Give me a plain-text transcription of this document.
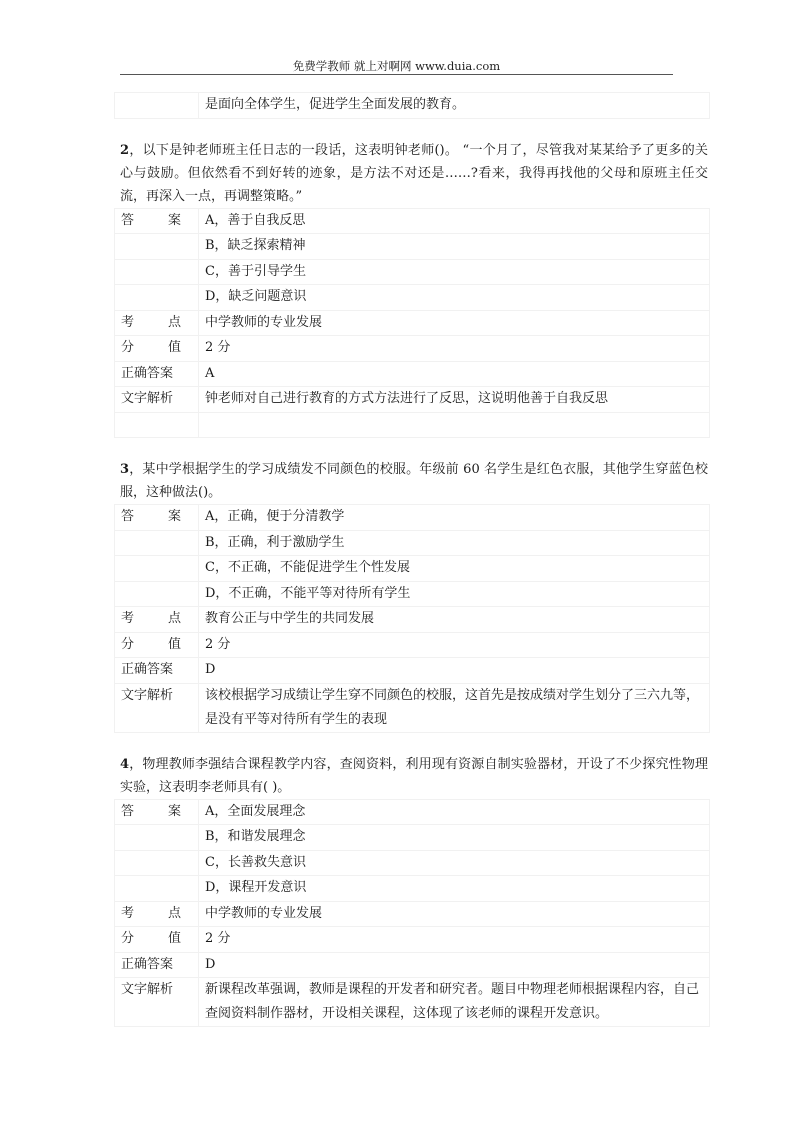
免费学教师 就上对啊网 www.duia.com
	是面向全体学生，促进学生全面发展的教育。

2，以下是钟老师班主任日志的一段话，这表明钟老师()。 “一个月了，尽管我对某某给予了更多的关心与鼓励。但依然看不到好转的迹象，是方法不对还是……?看来，我得再找他的父母和原班主任交流，再深入一点，再调整策略。”

答 案	A，善于自我反思
	B，缺乏探索精神
	C，善于引导学生
	D，缺乏问题意识

考 点	中学教师的专业发展

分 值	2 分
正确答案	A
文字解析	钟老师对自己进行教育的方式方法进行了反思，这说明他善于自我反思

3，某中学根据学生的学习成绩发不同颜色的校服。年级前 60 名学生是红色衣服，其他学生穿蓝色校服，这种做法()。

答 案	A，正确，便于分清教学
	B，正确，利于激励学生
	C，不正确，不能促进学生个性发展
	D，不正确，不能平等对待所有学生

考 点	教育公正与中学生的共同发展

分 值	2 分
正确答案	D
文字解析	该校根据学习成绩让学生穿不同颜色的校服，这首先是按成绩对学生划分了三六九等，是没有平等对待所有学生的表现

4，物理教师李强结合课程教学内容，查阅资料，利用现有资源自制实验器材，开设了不少探究性物理实验，这表明李老师具有( )。

答 案	A，全面发展理念
	B，和谐发展理念
	C，长善救失意识
	D，课程开发意识

考 点	中学教师的专业发展

分 值	2 分
正确答案	D
文字解析	新课程改革强调，教师是课程的开发者和研究者。题目中物理老师根据课程内容，自己查阅资料制作器材，开设相关课程，这体现了该老师的课程开发意识。
